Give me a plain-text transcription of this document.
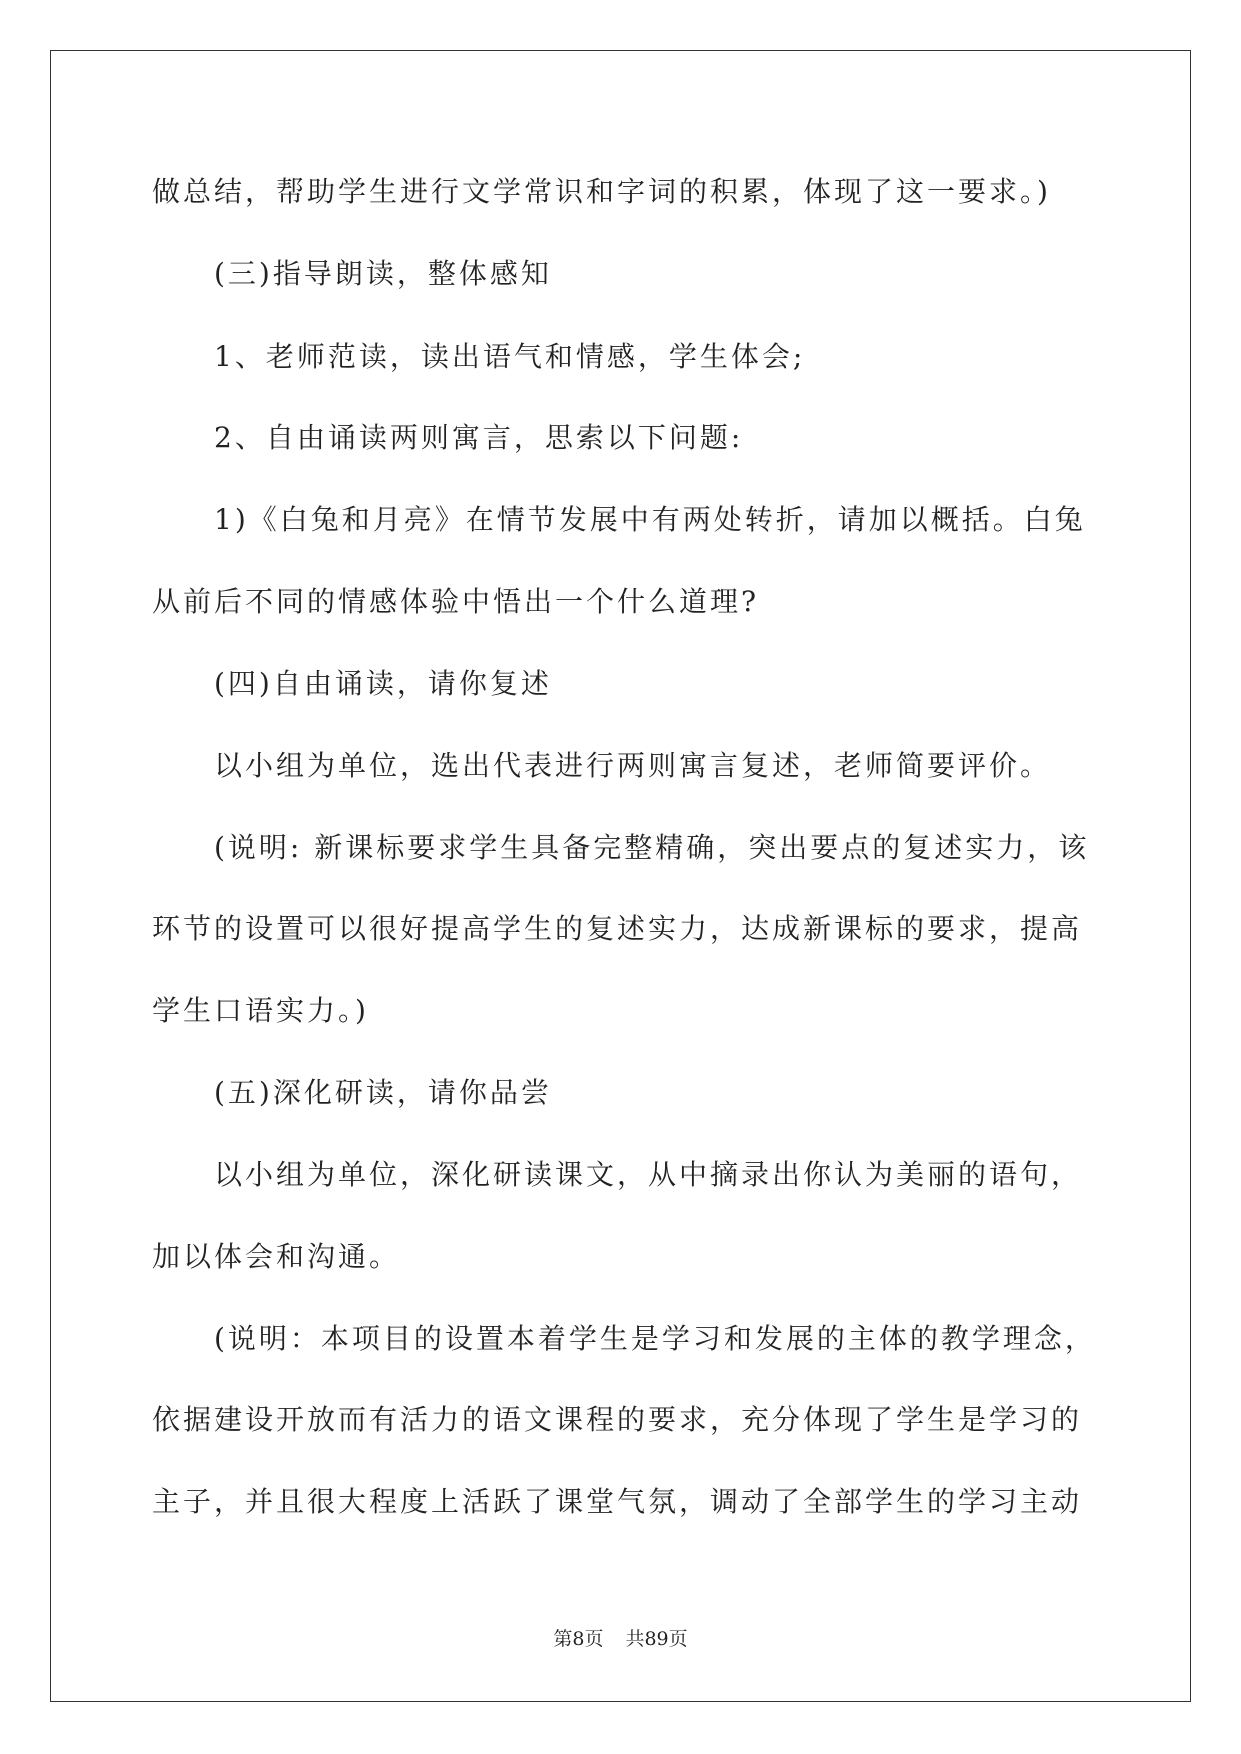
做总结，帮助学生进行文学常识和字词的积累，体现了这一要求。)
(三)指导朗读，整体感知
1、老师范读，读出语气和情感，学生体会;
2、自由诵读两则寓言，思索以下问题:
1)《白兔和月亮》在情节发展中有两处转折，请加以概括。白兔
从前后不同的情感体验中悟出一个什么道理?
(四)自由诵读，请你复述
以小组为单位，选出代表进行两则寓言复述，老师简要评价。
(说明: 新课标要求学生具备完整精确，突出要点的复述实力，该
环节的设置可以很好提高学生的复述实力，达成新课标的要求，提高
学生口语实力。)
(五)深化研读，请你品尝
以小组为单位，深化研读课文，从中摘录出你认为美丽的语句，
加以体会和沟通。
(说明：本项目的设置本着学生是学习和发展的主体的教学理念，
依据建设开放而有活力的语文课程的要求，充分体现了学生是学习的
主子，并且很大程度上活跃了课堂气氛，调动了全部学生的学习主动
第8页 共89页
